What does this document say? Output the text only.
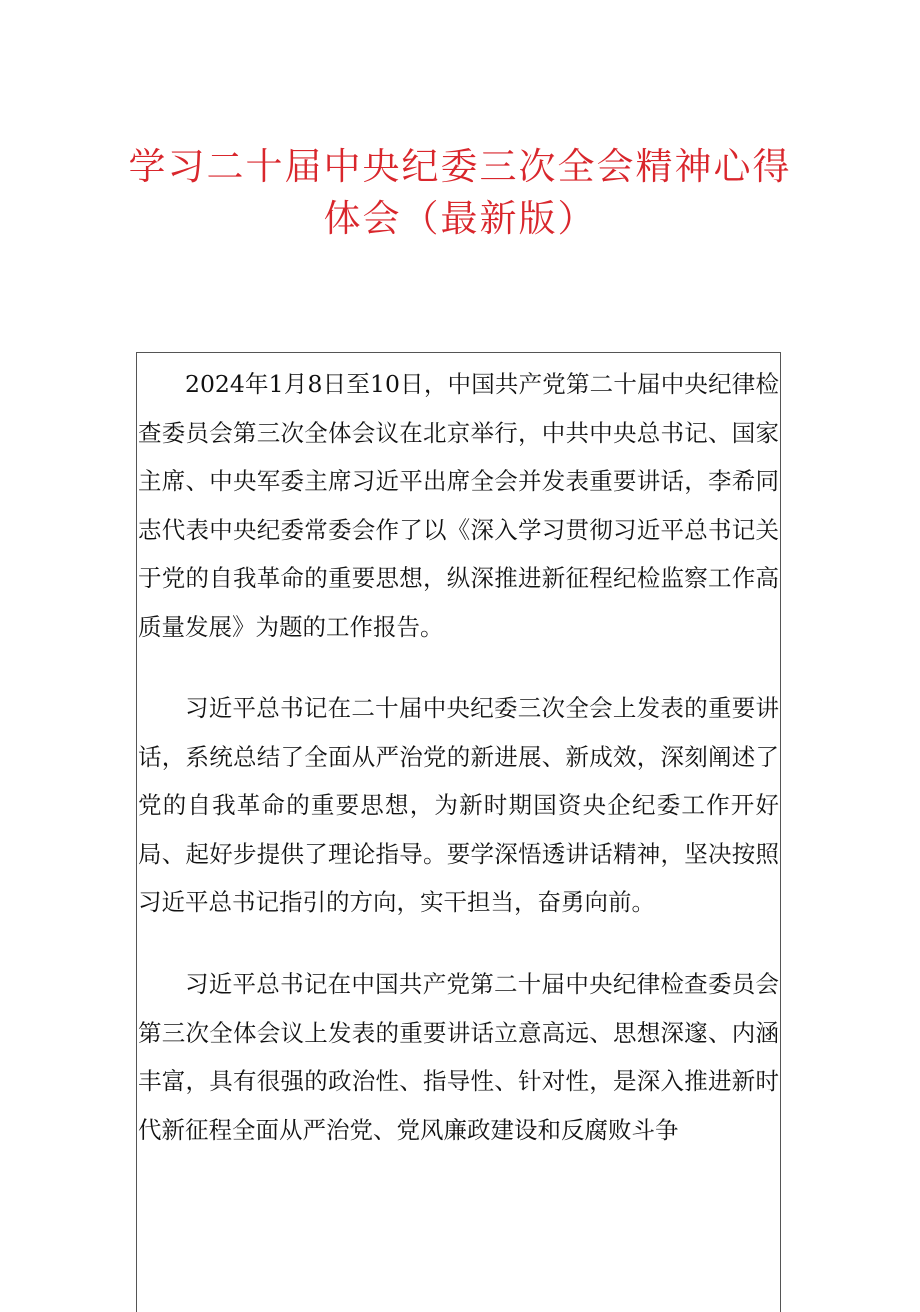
学习二十届中央纪委三次全会精神心得
体会（最新版）

2024年1月8日至10日，中国共产党第二十届中央纪律检查委员会第三次全体会议在北京举行，中共中央总书记、国家主席、中央军委主席习近平出席全会并发表重要讲话，李希同志代表中央纪委常委会作了以《深入学习贯彻习近平总书记关于党的自我革命的重要思想，纵深推进新征程纪检监察工作高质量发展》为题的工作报告。

习近平总书记在二十届中央纪委三次全会上发表的重要讲话，系统总结了全面从严治党的新进展、新成效，深刻阐述了党的自我革命的重要思想，为新时期国资央企纪委工作开好局、起好步提供了理论指导。要学深悟透讲话精神，坚决按照习近平总书记指引的方向，实干担当，奋勇向前。

习近平总书记在中国共产党第二十届中央纪律检查委员会第三次全体会议上发表的重要讲话立意高远、思想深邃、内涵丰富，具有很强的政治性、指导性、针对性，是深入推进新时代新征程全面从严治党、党风廉政建设和反腐败斗争
